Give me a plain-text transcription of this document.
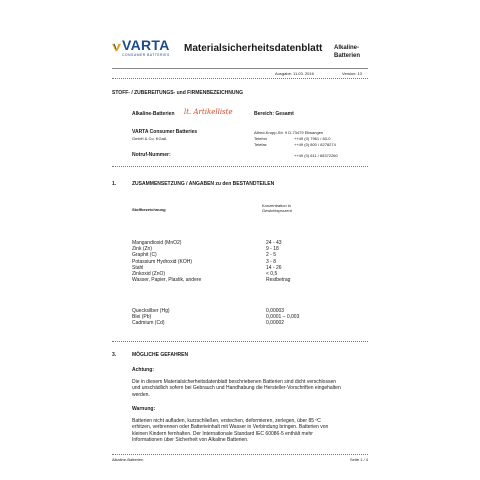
VARTA
CONSUMER BATTERIES
Materialsicherheitsdatenblatt Alkaline-
Batterien
Ausgabe: 11.03. 2016	Version: 13
STOFF- / ZUBEREITUNGS- und FIRMENBEZEICHNUNG
Alkaline-Batterien lt. Artikelliste	Bereich: Gesamt
VARTA Consumer Batteries
GmbH & Co. KGaA
Alfred-Krupp-Str. 9 D-73479 Ellwangen
Telefon	++49 (0) 7961 / 83-0
Telefax	++49 (0) 800 / 8278274
Notruf-Nummer:	++49 (0) 611 / 65372260
1.	ZUSAMMENSETZUNG / ANGABEN zu den BESTANDTEILEN
Stoffbezeichnung
Konzentration in
Gewichtsprozent
Mangandioxid (MnO2)	24 - 43
Zink (Zn)	9 - 18
Graphit (C)	2 - 5
Potassium Hydroxid (KOH)	3 - 8
Stahl	14 - 26
Zinkoxid (ZnO)	< 0,5
Wasser, Papier, Plastik, andere	Restbetrag
Quecksilber (Hg)	0,00003
Blei (Pb)	0,0001 – 0,003
Cadmium (Cd)	0,00002
3.	MÖGLICHE GEFAHREN
Achtung:
Die in diesem Materialsicherheitsdatenblatt beschriebenen Batterien sind dicht verschlossen
und unschädlich sofern bei Gebrauch und Handhabung die Hersteller-Vorschriften eingehalten
werden.
Warnung:
Batterien nicht aufladen, kurzschließen, erstechen, deformieren, zerlegen, über 85 ºC
erhitzen, verbrennen oder Batterieinhalt mit Wasser in Verbindung bringen. Batterien von
kleinen Kindern fernhalten. Der Internationale Standard IEC 60086-5 enthält mehr
Informationen über Sicherheit von Alkaline Batterien.
Alkaline-Batterien	Seite 1 / 4
